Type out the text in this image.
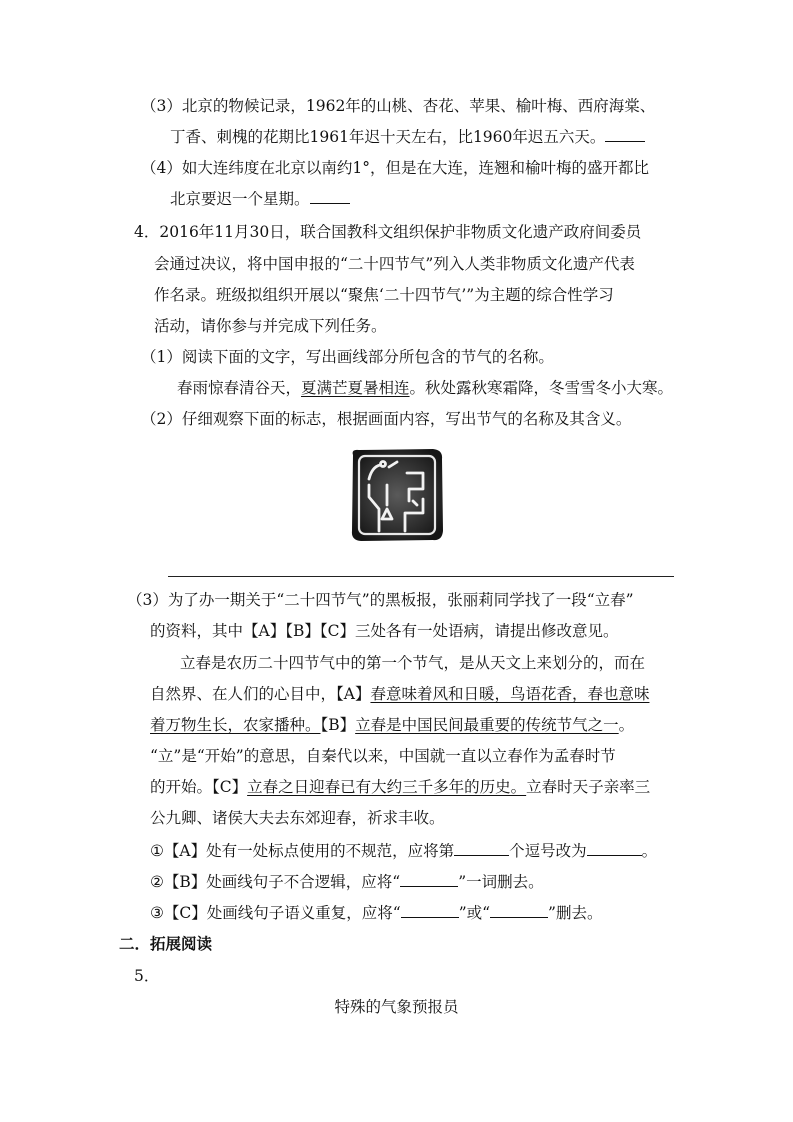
（3）北京的物候记录，1962年的山桃、杏花、苹果、榆叶梅、西府海棠、
丁香、刺槐的花期比1961年迟十天左右，比1960年迟五六天。
（4）如大连纬度在北京以南约1°，但是在大连，连翘和榆叶梅的盛开都比
北京要迟一个星期。
4．2016年11月30日，联合国教科文组织保护非物质文化遗产政府间委员
会通过决议，将中国申报的“二十四节气”列入人类非物质文化遗产代表
作名录。班级拟组织开展以“聚焦‘二十四节气’”为主题的综合性学习
活动，请你参与并完成下列任务。
（1）阅读下面的文字，写出画线部分所包含的节气的名称。
春雨惊春清谷天，夏满芒夏暑相连。秋处露秋寒霜降，冬雪雪冬小大寒。
（2）仔细观察下面的标志，根据画面内容，写出节气的名称及其含义。
（3）为了办一期关于“二十四节气”的黑板报，张丽莉同学找了一段“立春”
的资料，其中【A】【B】【C】三处各有一处语病，请提出修改意见。
立春是农历二十四节气中的第一个节气，是从天文上来划分的，而在
自然界、在人们的心目中，【A】春意味着风和日暖，鸟语花香，春也意味
着万物生长，农家播种。【B】立春是中国民间最重要的传统节气之一。
“立”是“开始”的意思，自秦代以来，中国就一直以立春作为孟春时节
的开始。【C】立春之日迎春已有大约三千多年的历史。立春时天子亲率三
公九卿、诸侯大夫去东郊迎春，祈求丰收。
①【A】处有一处标点使用的不规范，应将第	个逗号改为	。
②【B】处画线句子不合逻辑，应将“	”一词删去。
③【C】处画线句子语义重复，应将“	”或“	”删去。
二．拓展阅读
5．
特殊的气象预报员
